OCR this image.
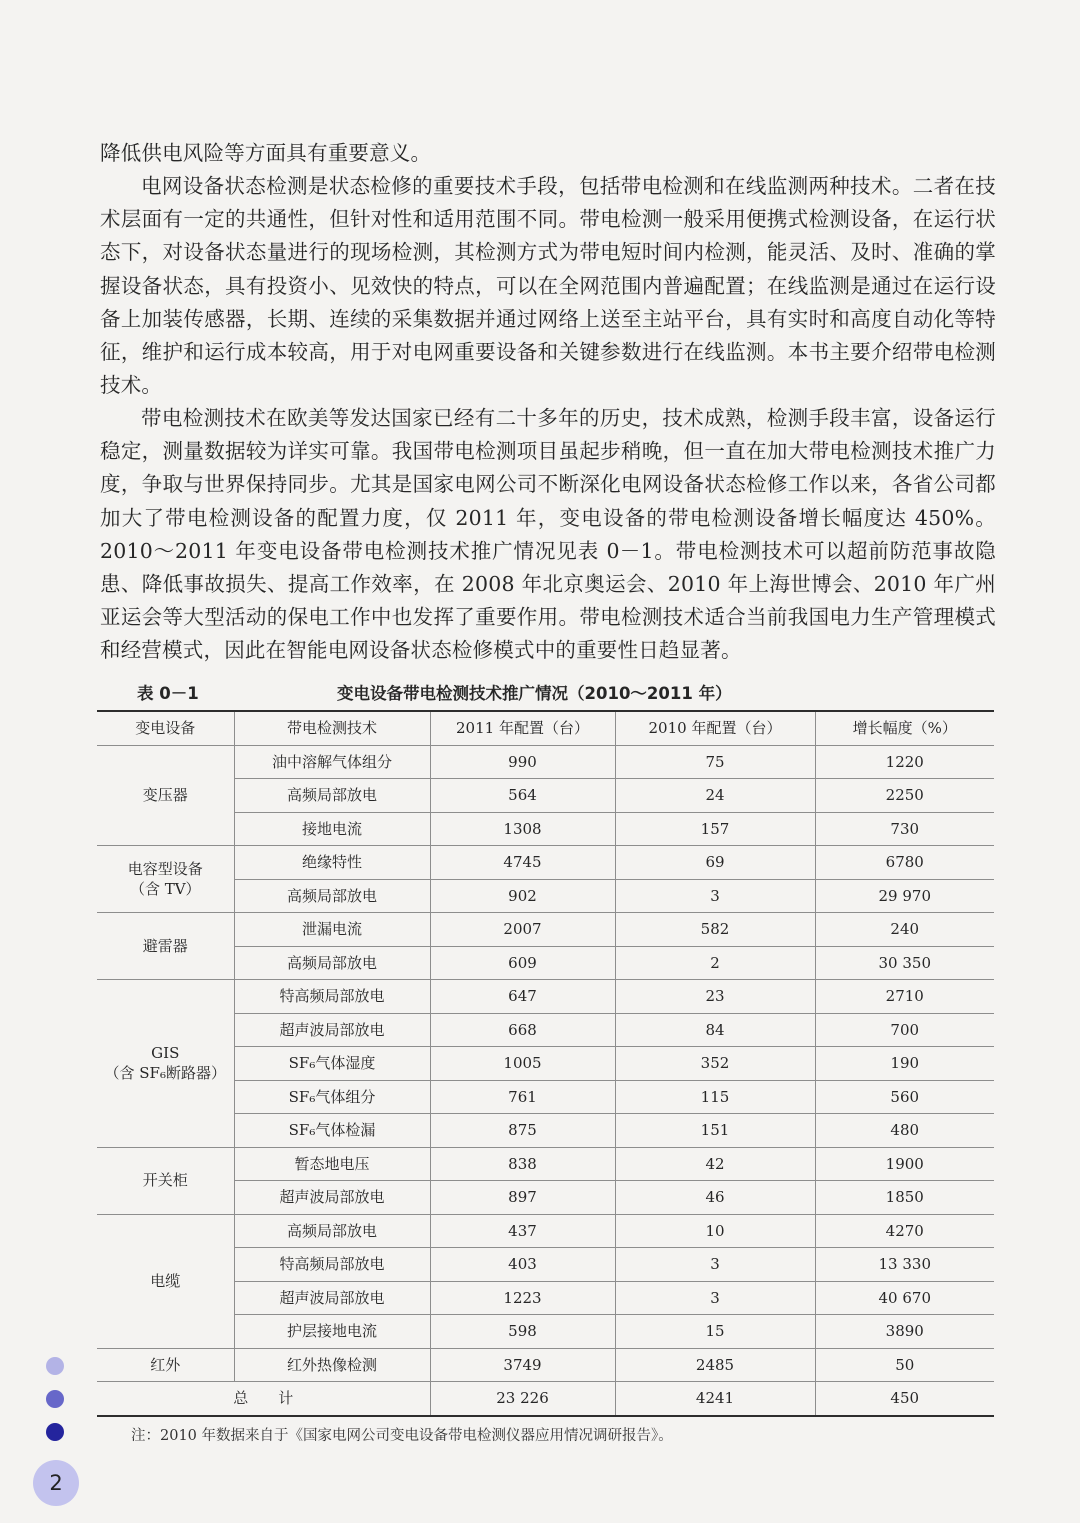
降低供电风险等方面具有重要意义。

电网设备状态检测是状态检修的重要技术手段，包括带电检测和在线监测两种技术。二者在技术层面有一定的共通性，但针对性和适用范围不同。带电检测一般采用便携式检测设备，在运行状态下，对设备状态量进行的现场检测，其检测方式为带电短时间内检测，能灵活、及时、准确的掌握设备状态，具有投资小、见效快的特点，可以在全网范围内普遍配置；在线监测是通过在运行设备上加装传感器，长期、连续的采集数据并通过网络上送至主站平台，具有实时和高度自动化等特征，维护和运行成本较高，用于对电网重要设备和关键参数进行在线监测。本书主要介绍带电检测技术。

带电检测技术在欧美等发达国家已经有二十多年的历史，技术成熟，检测手段丰富，设备运行稳定，测量数据较为详实可靠。我国带电检测项目虽起步稍晚，但一直在加大带电检测技术推广力度，争取与世界保持同步。尤其是国家电网公司不断深化电网设备状态检修工作以来，各省公司都加大了带电检测设备的配置力度，仅 2011 年，变电设备的带电检测设备增长幅度达 450%。2010～2011 年变电设备带电检测技术推广情况见表 0－1。带电检测技术可以超前防范事故隐患、降低事故损失、提高工作效率，在 2008 年北京奥运会、2010 年上海世博会、2010 年广州亚运会等大型活动的保电工作中也发挥了重要作用。带电检测技术适合当前我国电力生产管理模式和经营模式，因此在智能电网设备状态检修模式中的重要性日趋显著。

表 0－1	变电设备带电检测技术推广情况（2010～2011 年）
变电设备	带电检测技术	2011 年配置（台）	2010 年配置（台）	增长幅度（%）
变压器	油中溶解气体组分	990	75	1220
	高频局部放电	564	24	2250
	接地电流	1308	157	730
电容型设备
（含 TV）	绝缘特性	4745	69	6780
	高频局部放电	902	3	29 970
避雷器	泄漏电流	2007	582	240
	高频局部放电	609	2	30 350
GIS
（含 SF₆断路器）	特高频局部放电	647	23	2710
	超声波局部放电	668	84	700
	SF₆气体湿度	1005	352	190
	SF₆气体组分	761	115	560
	SF₆气体检漏	875	151	480
开关柜	暂态地电压	838	42	1900
	超声波局部放电	897	46	1850
电缆	高频局部放电	437	10	4270
	特高频局部放电	403	3	13 330
	超声波局部放电	1223	3	40 670
	护层接地电流	598	15	3890
红外	红外热像检测	3749	2485	50
总　　计		23 226	4241	450
注：2010 年数据来自于《国家电网公司变电设备带电检测仪器应用情况调研报告》。
2
